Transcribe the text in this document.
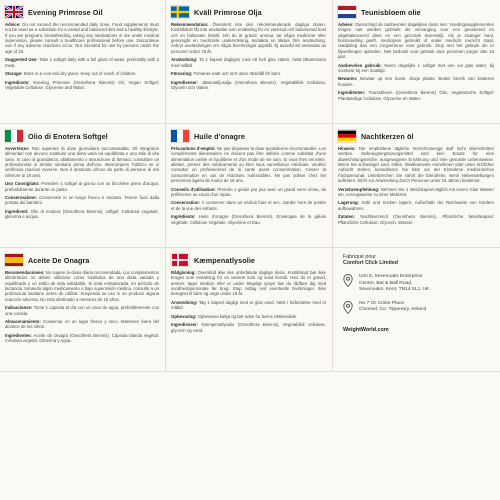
Evening Primrose Oil

Advice: Do not exceed the recommended daily dose. Food supplements must not be used as a substitute for a varied and balanced diet and a healthy lifestyle. If you are pregnant, breastfeeding, taking any medications or are under medical supervision, please consult a healthcare professional before use. Discontinue use if any adverse reactions occur. Not intended for use by persons under the age of 18.

Suggested Use: Take 1 softgel daily with a full glass of water, preferably with a meal.

Storage: Store in a cool and dry place. Keep out of reach of children.

Ingredients: Evening Primrose (Oenothera Biennis) Oil, Vegan Softgel: Vegetable Cellulose, Glycerine and Water.

Kväll Primrose Olja

Rekommendation: Överskrid inte den rekommenderade dagliga dosen. Kosttillskott får inte användas som ersättning för en varierad och balanserad kost och en hälsosam livsstil. Om du är gravid, ammar, tar några mediciner eller genomgår en medicinsk undersökning, kontakta en läkare före användning. Avbryt användningen om några biverkningar uppstår. Ej avsedd att användas av personer under 18 år.

Användning: Ta 1 kapsel dagligen med ett helt glas vatten, helst tillsammans med måltid.

Förvaring: Förvaras svalt och torrt utom räckhåll för barn.

Ingredienser: Jättenattljusolja (Oenothera Biennis), Vegetabilisk Cellulosa, Glycerin och Vatten.

Teunisbloem olie

Advies: Overschrijd de aanbevolen dagelijkse dosis niet. Voedingssupplementen mogen niet worden gebruikt als vervanging voor een gevarieerd en uitgebalanceerd dieet en een gezonde levensstijl. Als je zwanger bent, borstvoeding geeft, medicijnen gebruikt of onder medisch toezicht staat, raadpleeg dan een zorgverlener voor gebruik. Stop met het gebruik als er bijwerkingen optreden. Niet bedoeld voor gebruik door personen jonger dan 18 jaar.

Aanbevolen gebruik: Neem dagelijks 1 softgel met een vol glas water, bij voorkeur bij een maaltijd.

Bewaren: Bewaar op een koele, droge plaats. Buiten bereik van kinderen houden.

Ingrediënten: Teunisbloem (Oenothera Biennis) Olie, Vegetarische Softgel: Plantaardige Cellulose, Glycerine en Water.

Olio di Enotera Softgel

Avvertenze: Non superare la dose giornaliera raccomandata. Gli integratori alimentari non devono sostituire una dieta varia ed equilibrata e uno stile di vita sano. In caso di gravidanza, allattamento o assunzione di farmaci, consultare un professionista in ambito sanitario prima dell'uso. Interrompere l'utilizzo se si verificano reazioni avverse. Non è destinato all'uso da parte di persone di età inferiore ai 18 anni.

Uso Consigliato: Prendere 1 softgel al giorno con un bicchiere pieno d'acqua, preferibilmente durante un pasto.

Conservazione: Conservare in un luogo fresco e asciutto. Tenere fuori dalla portata dei bambini.

Ingredienti: Olio di enotera (Oenothera Biennis), softgel: Cellulosa vegetale, glicerina e acqua.

Huile d'onagre

Précautions d'emploi: Ne pas dépasser la dose quotidienne recommandée. Les compléments alimentaires ne doivent pas être utilisés comme substitut d'une alimentation variée et équilibrée et d'un mode de vie sain. Si vous êtes enceinte, allaitez, prenez des médicaments ou êtes sous surveillance médicale, veuillez consulter un professionnel de la santé avant consommation. Cesser la consommation en cas de réactions indésirables. Ne pas utiliser chez les personnes âgées de moins de 18 ans.

Conseils d'utilisation: Prendre 1 gélule par jour avec un grand verre d'eau, de préférence au cours d'un repas.

Conservation: À conserver dans un endroit frais et sec. Garder hors de portée et de la vue des enfants.

Ingrédients: Huile d'onagre (Oenothera Biennis), Enveloppe de la gélule végétale: Cellulose Végétale, Glycérine et Eau.

Nachtkerzen öl

Hinweis: Die empfohlene tägliche Verzehrsmenge darf nicht überschritten werden. Nahrungsergänzungsmittel sind kein Ersatz für eine abwechslungsreiche, ausgewogene Ernährung und eine gesunde Lebensweise. Wenn Sie schwanger sind, stillen, Medikamente einnehmen oder unter ärztlicher Aufsicht stehen, konsultieren Sie bitte vor der Einnahme medizinisches Fachpersonal. Unterbrechen Sie sofort die Einnahme, wenn Nebenwirkungen auftreten. Nicht zur Anwendung durch Personen unter 18 Jahren bestimmt.

Verzehrempfehlung: Nehmen Sie 1 Weichkapsel täglich mit einem Glas Wasser ein, vorzugsweise zu einer Mahlzeit.

Lagerung: Kühl und trocken lagern. Außerhalb der Reichweite von Kindern aufbewahren.

Zutaten: Nachtkerzenöl (Oenothera Biennis), Pflanzliche Weichkapsel: Pflanzliche Cellulose, Glycerin, Wasser.

Aceite De Onagra

Recomendaciones: No supere la dosis diaria recomendada. Los complementos alimenticios no deben utilizarse como sustitutos de una dieta variada y equilibrada y un estilo de vida saludable. Si está embarazada, en período de lactancia, tomando algún medicamento o bajo supervisión médica, consulte a un profesional sanitario antes de utilizar. Suspenda su uso si se produce alguna reacción adversa. No está destinado a menores de 18 años.

Indicaciones: Tome 1 cápsula al día con un vaso de agua, preferiblemente con una comida.

Almacenamiento: Conservar en un lugar fresco y seco. Mantener fuera del alcance de los niños.

Ingredientes: Aceite de Onagra (Oenothera Biennis), Cápsula blanda vegetal: Celulosa vegetal, Glicerina y Agua.

Kæmpenatlysolie

Rådgivning: Overskrid ikke den anbefalede daglige dosis. Kosttilskud bør ikke bruges som erstatning for en varieret kost og sund livsstil. Hvis du er gravid, ammer, tager medicin eller er under lægeligt opsyn bør du rådføre dig med sundhedspersonale før brug. Stop indtag ved eventuelle bivirkninger. Ikke beregnet til børn og unge under 18 år.

Anvendning: Tag 1 kapsel dagligt med et glas vand, helst i forbindelse med et måltid.

Opbevaring: Opbevares køligt og tørt uden for børns rækkevidde.

Ingredienser: Kæmpenatlysolie (Oenothera Biennis), Vegetabilsk cellulose, glycerin og vand.

Fabriqué pour
Comfort Click Limited
Unit 8, Sevenoaks Enterprise
Centre, Bat & Ball Road,
Sevenoaks, Kent, TN14 5LJ, UK
No 7 Or Croke Place
Clonmel, Co. Tipperary, Ireland
WeightWorld.com
